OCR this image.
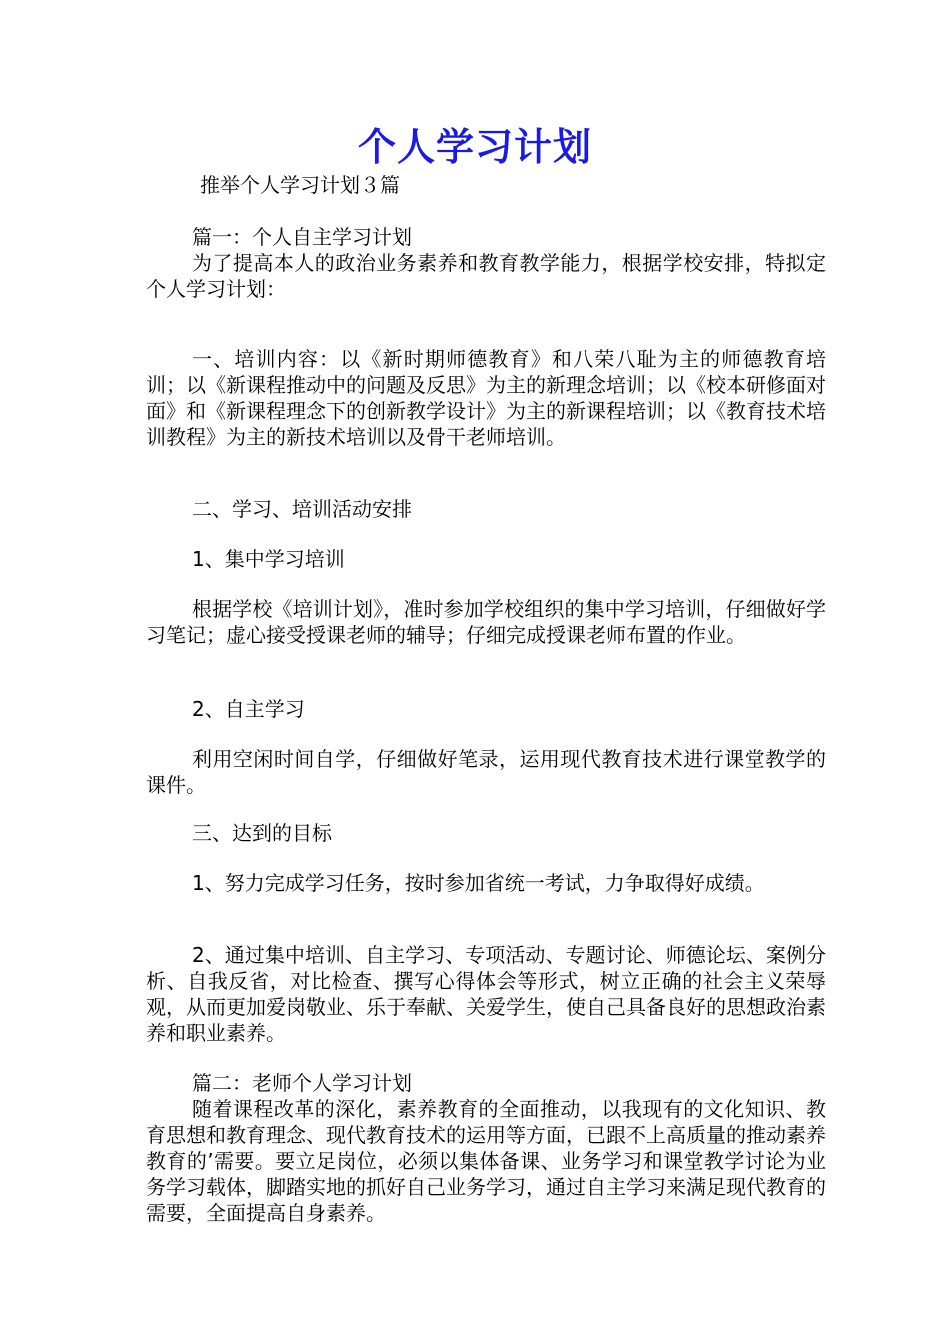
个人学习计划

推举个人学习计划３篇

篇一：个人自主学习计划

为了提高本人的政治业务素养和教育教学能力，根据学校安排，特拟定个人学习计划：

一、培训内容：以《新时期师德教育》和八荣八耻为主的师德教育培训；以《新课程推动中的问题及反思》为主的新理念培训；以《校本研修面对面》和《新课程理念下的创新教学设计》为主的新课程培训；以《教育技术培训教程》为主的新技术培训以及骨干老师培训。

二、学习、培训活动安排

1、集中学习培训

根据学校《培训计划》，准时参加学校组织的集中学习培训，仔细做好学习笔记；虚心接受授课老师的辅导；仔细完成授课老师布置的作业。

2、自主学习

利用空闲时间自学，仔细做好笔录，运用现代教育技术进行课堂教学的课件。

三、达到的目标

1、努力完成学习任务，按时参加省统一考试，力争取得好成绩。

2、通过集中培训、自主学习、专项活动、专题讨论、师德论坛、案例分析、自我反省，对比检查、撰写心得体会等形式，树立正确的社会主义荣辱观，从而更加爱岗敬业、乐于奉献、关爱学生，使自己具备良好的思想政治素养和职业素养。

篇二：老师个人学习计划

随着课程改革的深化，素养教育的全面推动，以我现有的文化知识、教育思想和教育理念、现代教育技术的运用等方面，已跟不上高质量的推动素养教育的’需要。要立足岗位，必须以集体备课、业务学习和课堂教学讨论为业务学习载体，脚踏实地的抓好自己业务学习，通过自主学习来满足现代教育的需要，全面提高自身素养。
